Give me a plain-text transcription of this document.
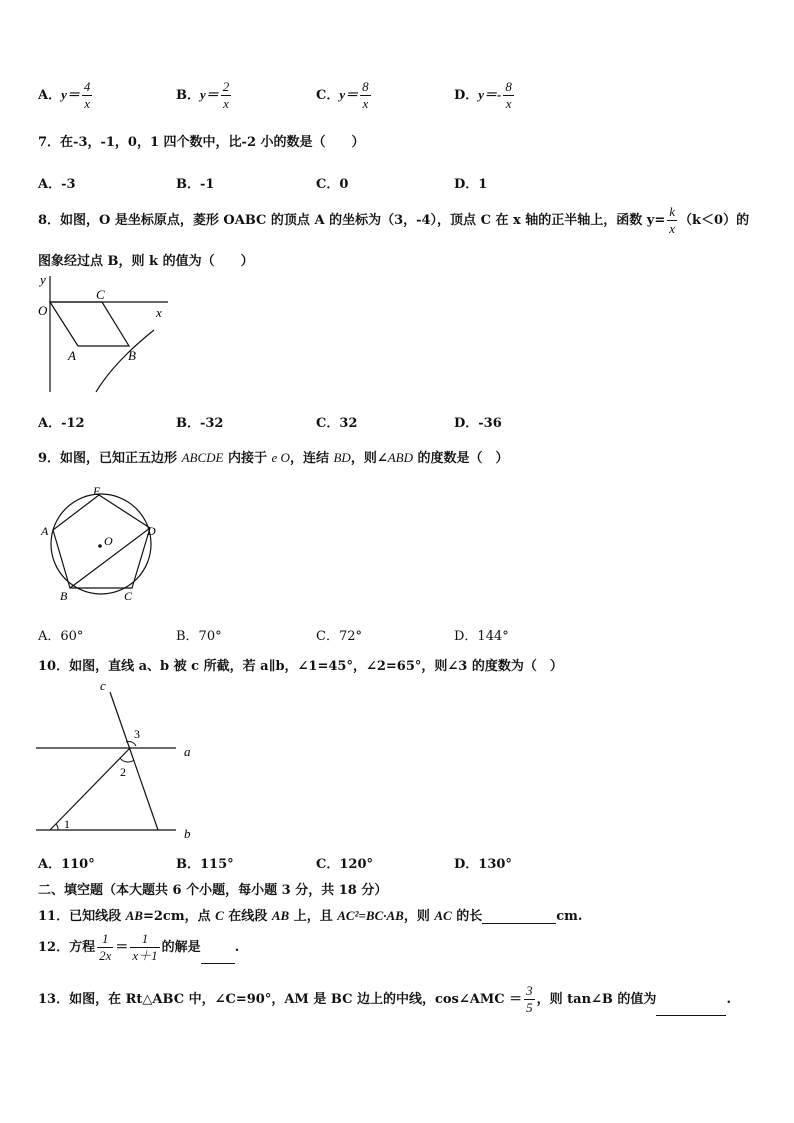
A．$y= \frac{4}{x}$	B．$y= \frac{2}{x}$	C．$y= \frac{8}{x}$	D．$y=- \frac{8}{x}$
7．在-3，-1，0，1 四个数中，比-2 小的数是（　　）
A．-3	B．-1	C．0	D．1
8．如图，O 是坐标原点，菱形 OABC 的顶点 A 的坐标为（3，-4），顶点 C 在 x 轴的正半轴上，函数 $y= \frac{k}{x} (k<0)$的
图象经过点 B，则 k 的值为（　　）
y
O
C
x
A	B
A．-12	B．-32	C．32	D．-36
9．如图，已知正五边形 ABCDE 内接于 e O，连结 BD，则∠ABD 的度数是（　）
O
E
A	D
B	C
A．60°	B．70°	C．72°	D．144°
10．如图，直线 a、b 被 c 所截，若 a∥b，∠1=45°，∠2=65°，则∠3 的度数为（　）
c
a
b
1
2
3
A．110°	B．115°	C．120°	D．130°
二、填空题（本大题共 6 个小题，每小题 3 分，共 18 分）
11．已知线段 AB=2cm，点 C 在线段 AB 上，且 AC²=BC·AB，则 AC 的长	cm.
12．方程 $\frac{1}{2x} = \frac{1}{x+1}$ 的解是	.
13．如图，在 Rt△ABC 中，∠C=90°，AM 是 BC 边上的中线，cos∠AMC ＝ $\frac{3}{5}$ ，则 tan∠B 的值为	.
